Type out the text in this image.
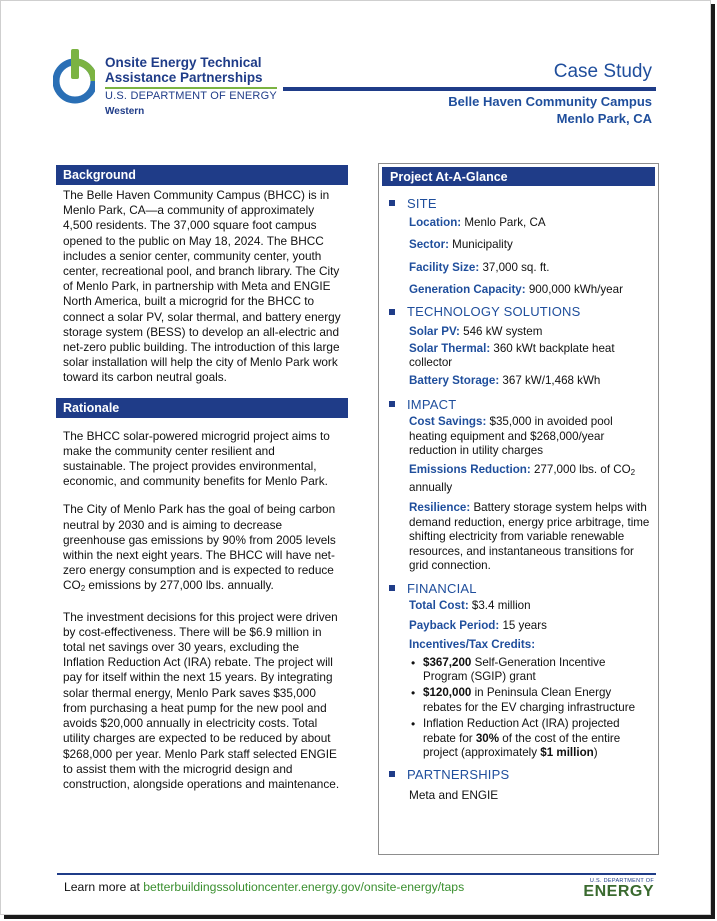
Onsite Energy Technical
Assistance Partnerships
U.S. DEPARTMENT OF ENERGY
Western
Case Study
Belle Haven Community Campus
Menlo Park, CA
Background
The Belle Haven Community Campus (BHCC) is in Menlo Park, CA—a community of approximately 4,500 residents. The 37,000 square foot campus opened to the public on May 18, 2024. The BHCC includes a senior center, community center, youth center, recreational pool, and branch library. The City of Menlo Park, in partnership with Meta and ENGIE North America, built a microgrid for the BHCC to connect a solar PV, solar thermal, and battery energy storage system (BESS) to develop an all-electric and net-zero public building. The introduction of this large solar installation will help the city of Menlo Park work toward its carbon neutral goals.
Rationale
The BHCC solar-powered microgrid project aims to make the community center resilient and sustainable. The project provides environmental, economic, and community benefits for Menlo Park.
The City of Menlo Park has the goal of being carbon neutral by 2030 and is aiming to decrease greenhouse gas emissions by 90% from 2005 levels within the next eight years. The BHCC will have net-zero energy consumption and is expected to reduce $CO_2$ emissions by 277,000 lbs. annually.
The investment decisions for this project were driven by cost-effectiveness. There will be $6.9 million in total net savings over 30 years, excluding the Inflation Reduction Act (IRA) rebate. The project will pay for itself within the next 15 years. By integrating solar thermal energy, Menlo Park saves $35,000 from purchasing a heat pump for the new pool and avoids $20,000 annually in electricity costs. Total utility charges are expected to be reduced by about $268,000 per year. Menlo Park staff selected ENGIE to assist them with the microgrid design and construction, alongside operations and maintenance.
Project At-A-Glance
SITE
Location: Menlo Park, CA
Sector: Municipality
Facility Size: 37,000 sq. ft.
Generation Capacity: 900,000 kWh/year
TECHNOLOGY SOLUTIONS
Solar PV: 546 kW system
Solar Thermal: 360 kWt backplate heat collector
Battery Storage: 367 kW/1,468 kWh
IMPACT
Cost Savings: $35,000 in avoided pool heating equipment and $268,000/year reduction in utility charges
Emissions Reduction: 277,000 lbs. of $CO_2$ annually
Resilience: Battery storage system helps with demand reduction, energy price arbitrage, time shifting electricity from variable renewable resources, and instantaneous transitions for grid connection.
FINANCIAL
Total Cost: $3.4 million
Payback Period: 15 years
Incentives/Tax Credits:
• $367,200 Self-Generation Incentive Program (SGIP) grant
• $120,000 in Peninsula Clean Energy rebates for the EV charging infrastructure
• Inflation Reduction Act (IRA) projected rebate for 30% of the cost of the entire project (approximately $1 million)
PARTNERSHIPS
Meta and ENGIE
Learn more at betterbuildingssolutioncenter.energy.gov/onsite-energy/taps	U.S. DEPARTMENT OF
ENERGY
